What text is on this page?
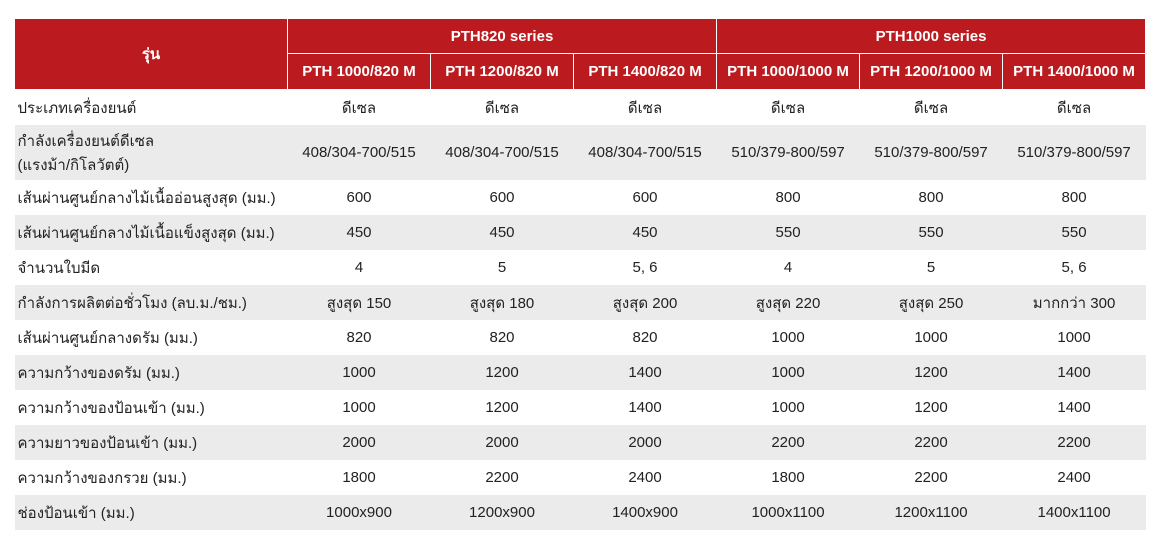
รุ่น	PTH820 series			PTH1000 series		
	PTH 1000/820 M	PTH 1200/820 M	PTH 1400/820 M	PTH 1000/1000 M	PTH 1200/1000 M	PTH 1400/1000 M
ประเภทเครื่องยนต์	ดีเซล	ดีเซล	ดีเซล	ดีเซล	ดีเซล	ดีเซล
กำลังเครื่องยนต์ดีเซล
(แรงม้า/กิโลวัตต์)	408/304-700/515	408/304-700/515	408/304-700/515	510/379-800/597	510/379-800/597	510/379-800/597
เส้นผ่านศูนย์กลางไม้เนื้ออ่อนสูงสุด (มม.)	600	600	600	800	800	800
เส้นผ่านศูนย์กลางไม้เนื้อแข็งสูงสุด (มม.)	450	450	450	550	550	550
จำนวนใบมีด	4	5	5, 6	4	5	5, 6
กำลังการผลิตต่อชั่วโมง (ลบ.ม./ชม.)	สูงสุด 150	สูงสุด 180	สูงสุด 200	สูงสุด 220	สูงสุด 250	มากกว่า 300
เส้นผ่านศูนย์กลางดรัม (มม.)	820	820	820	1000	1000	1000
ความกว้างของดรัม (มม.)	1000	1200	1400	1000	1200	1400
ความกว้างของป้อนเข้า (มม.)	1000	1200	1400	1000	1200	1400
ความยาวของป้อนเข้า (มม.)	2000	2000	2000	2200	2200	2200
ความกว้างของกรวย (มม.)	1800	2200	2400	1800	2200	2400
ช่องป้อนเข้า (มม.)	1000x900	1200x900	1400x900	1000x1100	1200x1100	1400x1100
